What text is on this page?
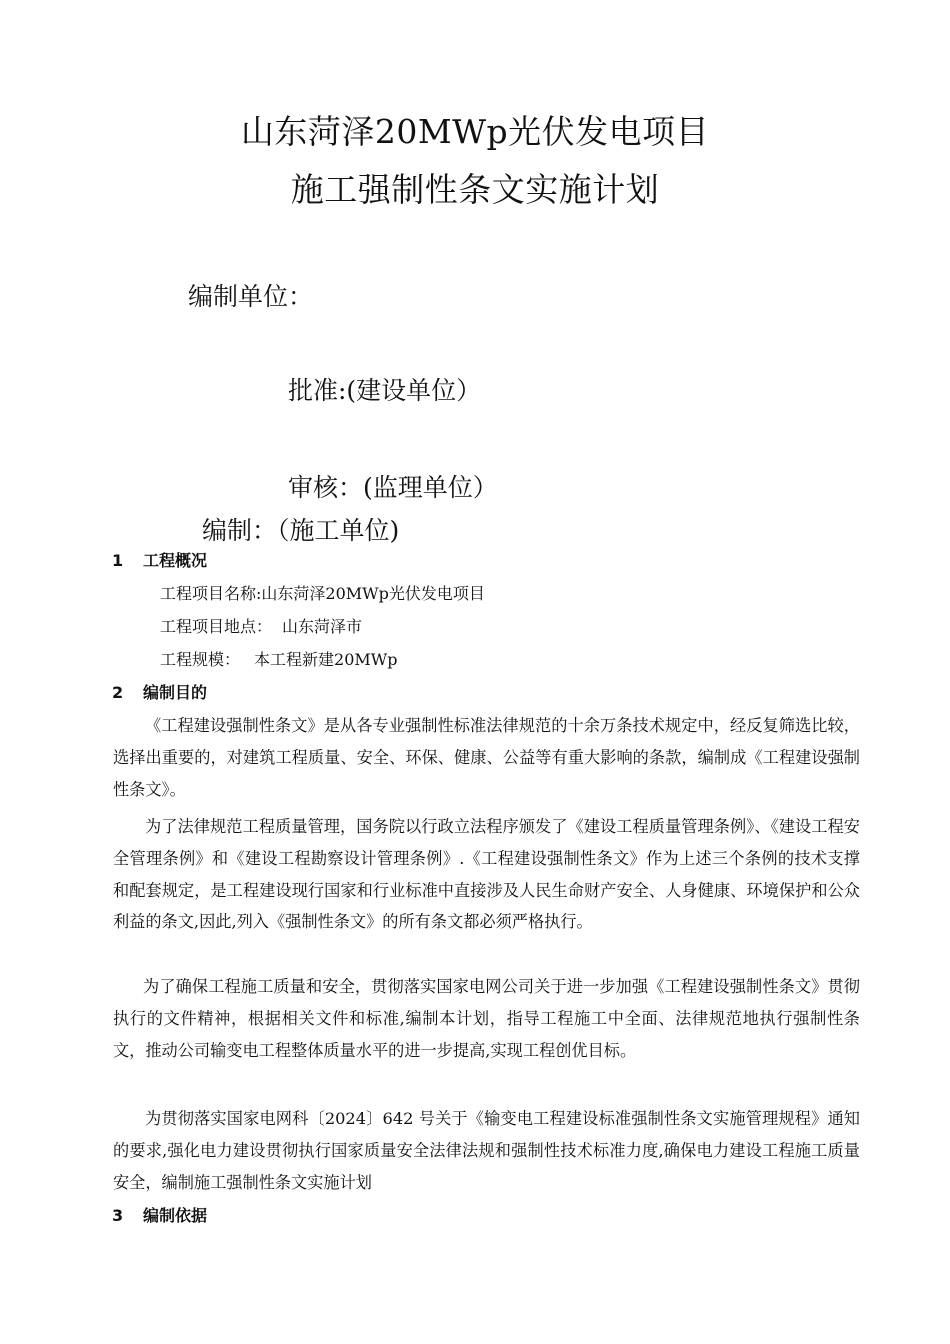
山东菏泽20MWp光伏发电项目
施工强制性条文实施计划
编制单位：
批准:(建设单位）
审核：(监理单位）
编制：（施工单位)
1 工程概况
工程项目名称:山东菏泽20MWp光伏发电项目
工程项目地点： 山东菏泽市
工程规模： 本工程新建20MWp
2 编制目的

《工程建设强制性条文》是从各专业强制性标准法律规范的十余万条技术规定中，经反复筛选比较，选择出重要的，对建筑工程质量、安全、环保、健康、公益等有重大影响的条款，编制成《工程建设强制性条文》。

为了法律规范工程质量管理，国务院以行政立法程序颁发了《建设工程质量管理条例》、《建设工程安全管理条例》和《建设工程勘察设计管理条例》.《工程建设强制性条文》作为上述三个条例的技术支撑和配套规定，是工程建设现行国家和行业标准中直接涉及人民生命财产安全、人身健康、环境保护和公众利益的条文,因此,列入《强制性条文》的所有条文都必须严格执行。

为了确保工程施工质量和安全，贯彻落实国家电网公司关于进一步加强《工程建设强制性条文》贯彻执行的文件精神，根据相关文件和标准,编制本计划，指导工程施工中全面、法律规范地执行强制性条文，推动公司输变电工程整体质量水平的进一步提高,实现工程创优目标。

为贯彻落实国家电网科〔2024〕642 号关于《输变电工程建设标准强制性条文实施管理规程》通知的要求,强化电力建设贯彻执行国家质量安全法律法规和强制性技术标准力度,确保电力建设工程施工质量安全，编制施工强制性条文实施计划

3 编制依据
